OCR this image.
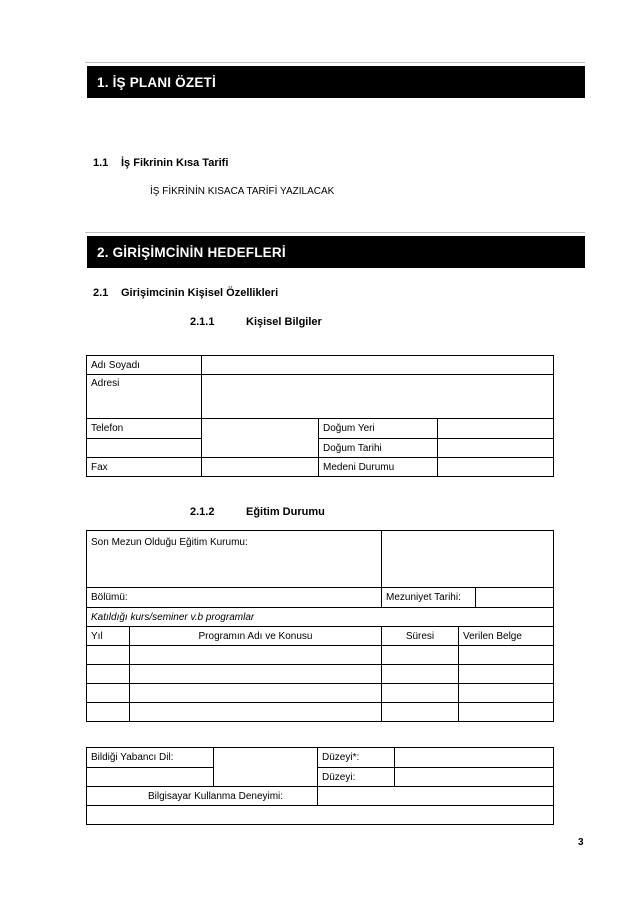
1. İŞ PLANI ÖZETİ
1.1 İş Fikrinin Kısa Tarifi
İŞ FİKRİNİN KISACA TARİFİ YAZILACAK
2. GİRİŞİMCİNİN HEDEFLERİ
2.1 Girişimcinin Kişisel Özellikleri
2.1.1	Kişisel Bilgiler
Adı Soyadı			
Adresi			
Telefon		Doğum Yeri	
		Doğum Tarihi	
Fax		Medeni Durumu	
2.1.2	Eğitim Durumu
Son Mezun Olduğu Eğitim Kurumu:				
Bölümü:		Mezuniyet Tarihi:		
Katıldığı kurs/seminer v.b programlar				
Yıl	Programın Adı ve Konusu	Süresi	Verilen Belge	

Bildiği Yabancı Dil:		Düzeyi*:	
		Düzeyi:	
Bilgisayar Kullanma Deneyimi:			

3
